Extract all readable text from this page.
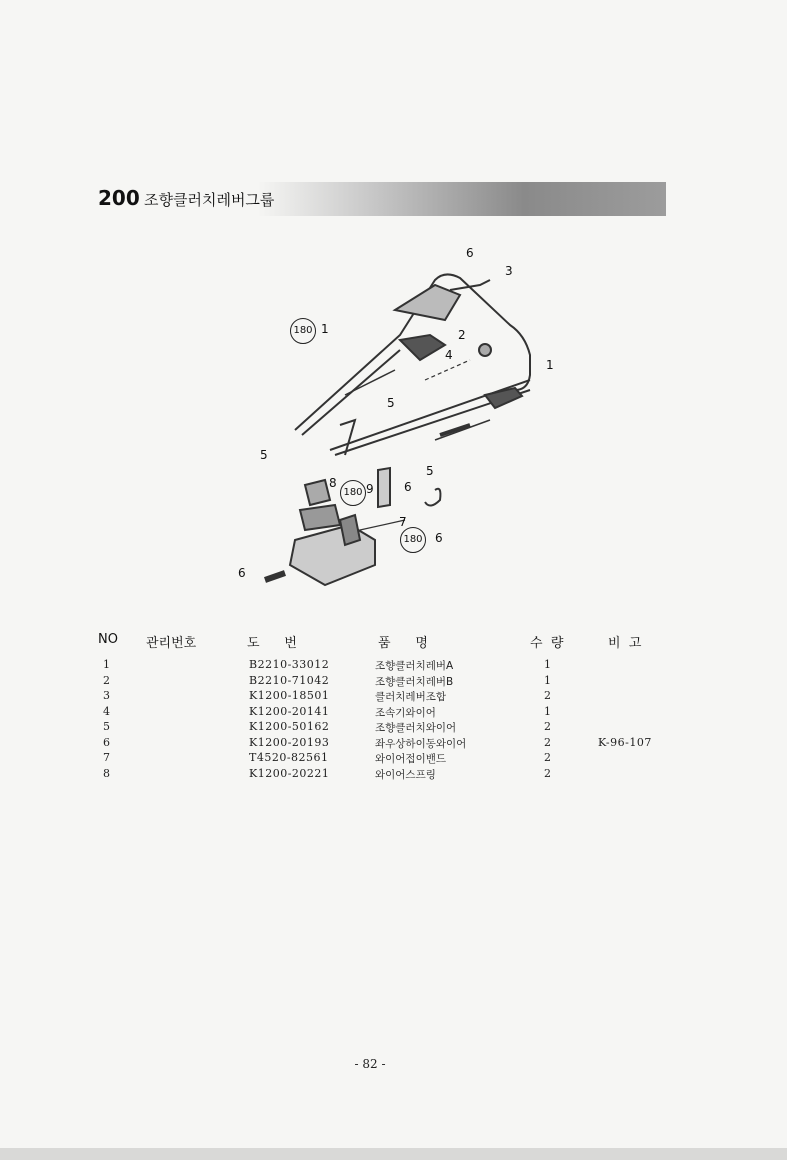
200 조향클러치레버그룹
6
3
1	2
4
1
5
5
8 9	6
5
7
6
6
180
180
180
NO 관리번호	도      번	품      명	수  량	비  고
1	B2210-33012	조향클러치레버A	1
2	B2210-71042	조향클러치레버B	1
3	K1200-18501	클러치레버조합	2
4	K1200-20141	조속기와이어	1
5	K1200-50162	조향클러치와이어	2
6	K1200-20193	좌우상하이동와이어	2	K-96-107
7	T4520-82561	와이어접이밴드	2
8	K1200-20221	와이어스프링	2
- 82 -
